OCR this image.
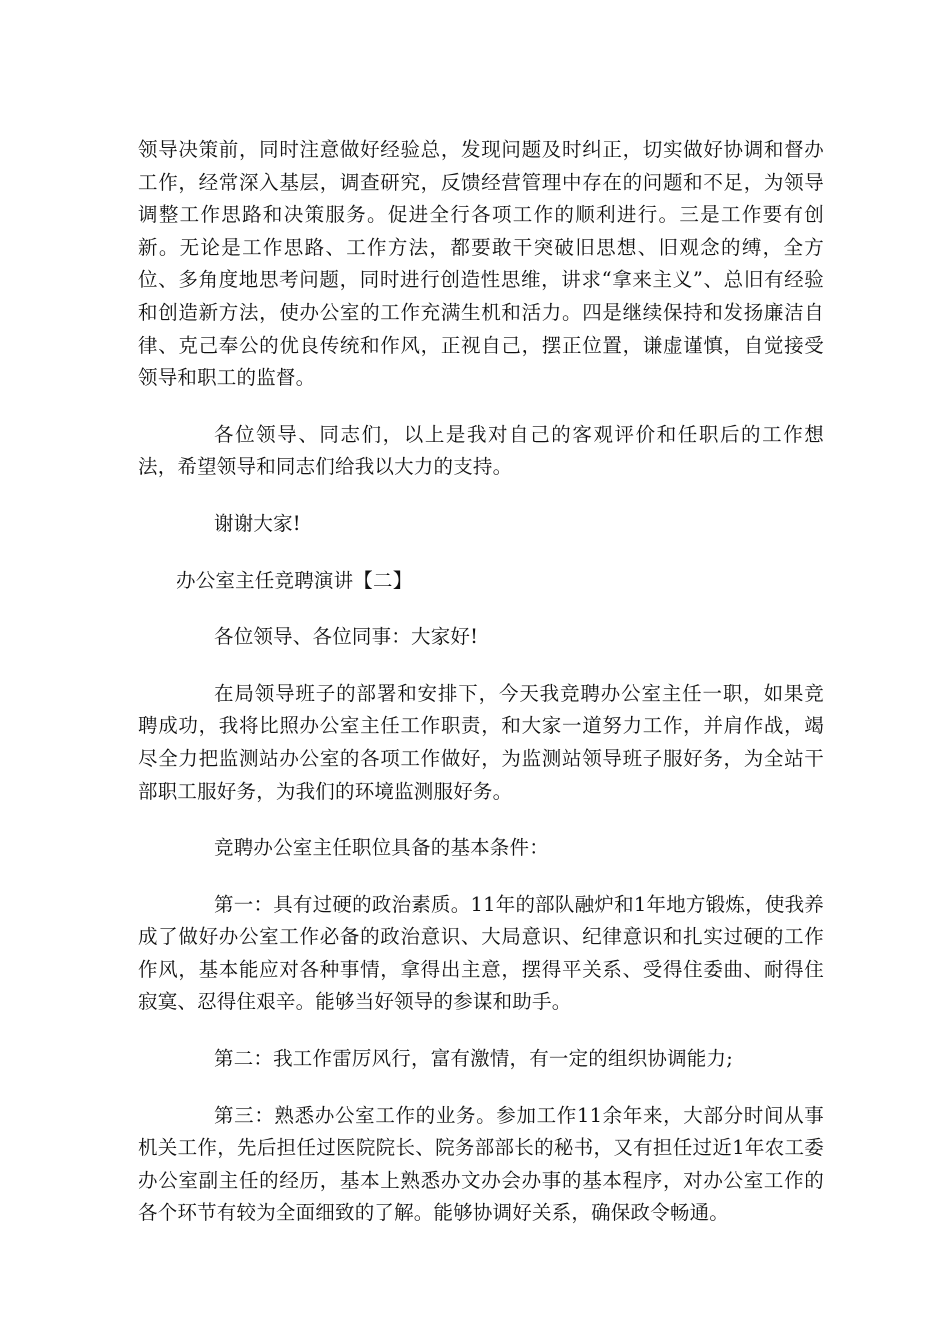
领导决策前，同时注意做好经验总，发现问题及时纠正，切实做好协调和督办工作，经常深入基层，调查研究，反馈经营管理中存在的问题和不足，为领导调整工作思路和决策服务。促进全行各项工作的顺利进行。三是工作要有创新。无论是工作思路、工作方法，都要敢干突破旧思想、旧观念的缚，全方位、多角度地思考问题，同时进行创造性思维，讲求“拿来主义”、总旧有经验和创造新方法，使办公室的工作充满生机和活力。四是继续保持和发扬廉洁自律、克己奉公的优良传统和作风，正视自己，摆正位置，谦虚谨慎，自觉接受领导和职工的监督。

各位领导、同志们，以上是我对自己的客观评价和任职后的工作想法，希望领导和同志们给我以大力的支持。

谢谢大家!

办公室主任竞聘演讲【二】

各位领导、各位同事：大家好!

在局领导班子的部署和安排下，今天我竞聘办公室主任一职，如果竞聘成功，我将比照办公室主任工作职责，和大家一道努力工作，并肩作战，竭尽全力把监测站办公室的各项工作做好，为监测站领导班子服好务，为全站干部职工服好务，为我们的环境监测服好务。

竞聘办公室主任职位具备的基本条件：

第一：具有过硬的政治素质。11年的部队融炉和1年地方锻炼，使我养成了做好办公室工作必备的政治意识、大局意识、纪律意识和扎实过硬的工作作风，基本能应对各种事情，拿得出主意，摆得平关系、受得住委曲、耐得住寂寞、忍得住艰辛。能够当好领导的参谋和助手。

第二：我工作雷厉风行，富有激情，有一定的组织协调能力;

第三：熟悉办公室工作的业务。参加工作11余年来，大部分时间从事机关工作，先后担任过医院院长、院务部部长的秘书，又有担任过近1年农工委办公室副主任的经历，基本上熟悉办文办会办事的基本程序，对办公室工作的各个环节有较为全面细致的了解。能够协调好关系，确保政令畅通。
